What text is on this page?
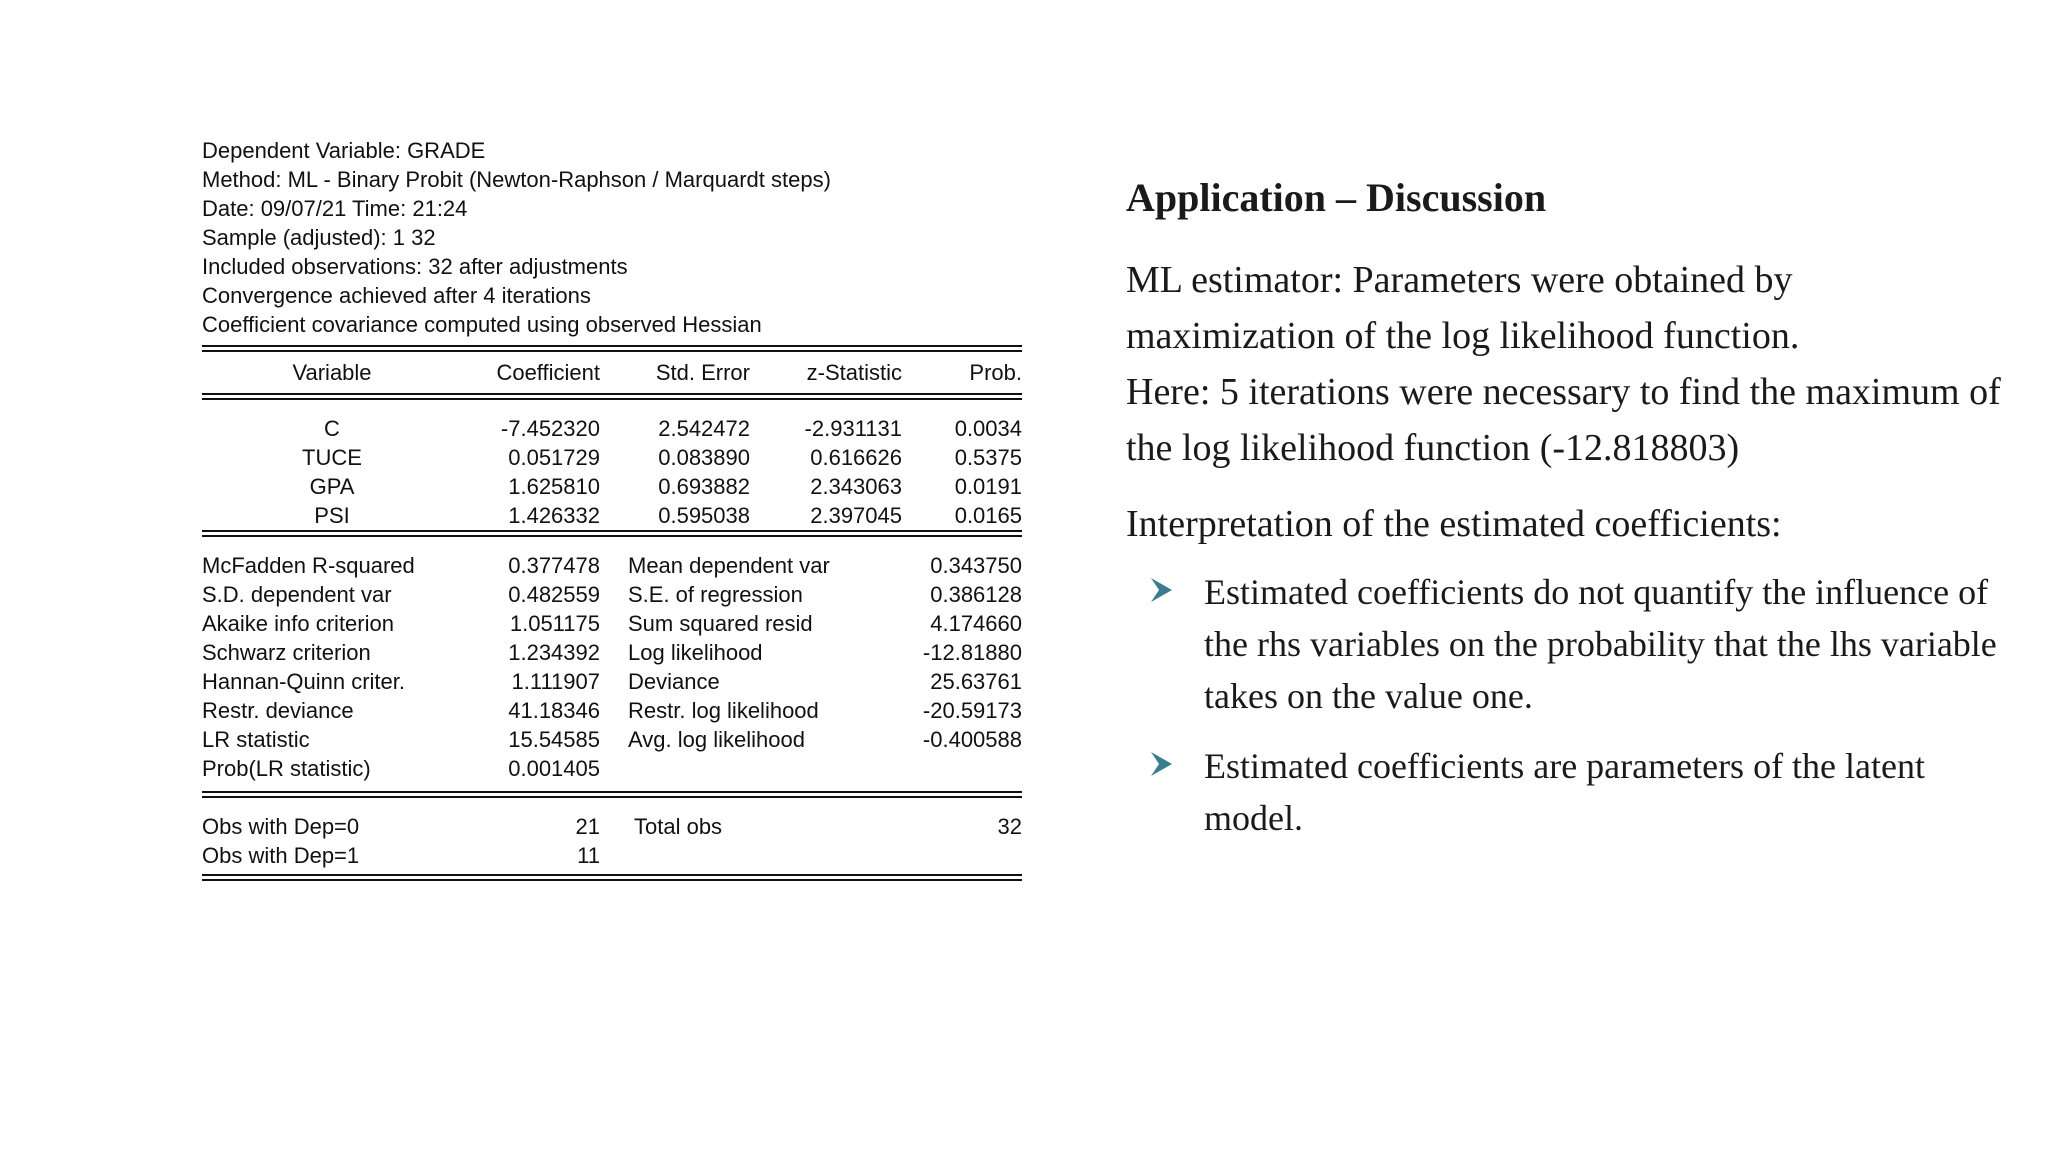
Dependent Variable: GRADE
Method: ML - Binary Probit (Newton-Raphson / Marquardt steps)
Date: 09/07/21 Time: 21:24
Sample (adjusted): 1 32
Included observations: 32 after adjustments
Convergence achieved after 4 iterations
Coefficient covariance computed using observed Hessian
Variable	Coefficient	Std. Error	z-Statistic	Prob.
C	-7.452320	2.542472	-2.931131	0.0034
TUCE	0.051729	0.083890	0.616626	0.5375
GPA	1.625810	0.693882	2.343063	0.0191
PSI	1.426332	0.595038	2.397045	0.0165
McFadden R-squared	0.377478	Mean dependent var	0.343750
S.D. dependent var	0.482559	S.E. of regression	0.386128
Akaike info criterion	1.051175	Sum squared resid	4.174660
Schwarz criterion	1.234392	Log likelihood	-12.81880
Hannan-Quinn criter.	1.111907	Deviance	25.63761
Restr. deviance	41.18346	Restr. log likelihood	-20.59173
LR statistic	15.54585	Avg. log likelihood	-0.400588
Prob(LR statistic)	0.001405		
Obs with Dep=0	21	Total obs	32
Obs with Dep=1	11		
Application – Discussion

ML estimator: Parameters were obtained by maximization of the log likelihood function.

Here: 5 iterations were necessary to find the maximum of the log likelihood function (-12.818803)

Interpretation of the estimated coefficients:
Estimated coefficients do not quantify the influence of the rhs variables on the probability that the lhs variable takes on the value one.
Estimated coefficients are parameters of the latent model.
